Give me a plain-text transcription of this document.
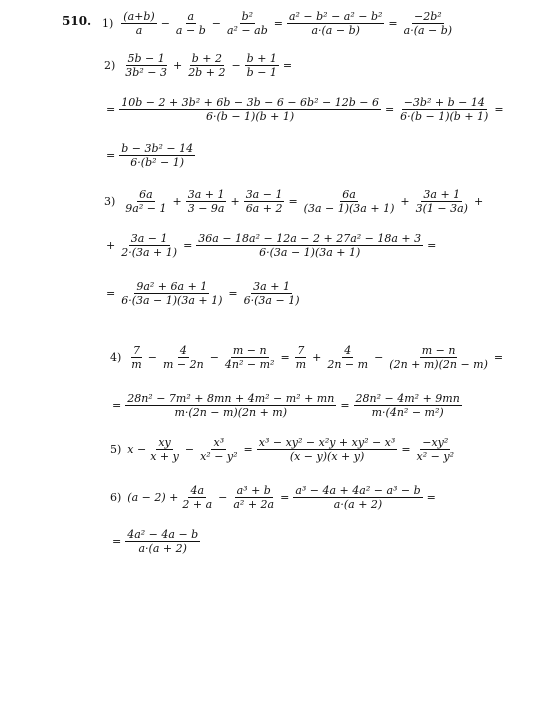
510. $1) \frac{(a+b)}{a} - \frac{a}{a - b} - \frac{\text{b²}}{\text{a² − ab}} = \frac{\text{a² − b² − a² − b²}}{a\cdot(a - b)} = \frac{\text{−2b²}}{a\cdot(a - b)}$
$2) \frac{5b - 1}{\text{3b² − 3}} + \frac{b + 2}{2b + 2} - \frac{b + 1}{b - 1}$ =
= $\frac{\text{10b − 2 + 3b² + 6b − 3b − 6 − 6b² − 12b − 6}}{6\cdot(b - 1)(b + 1)} = \frac{\text{−3b² + b − 14}}{6\cdot(b - 1)(b + 1)}$ =
= $\frac{\text{b − 3b² − 14}}{\text{6·(b² − 1)}}$
$3) \frac{6a}{\text{9a² − 1}} + \frac{3a + 1}{3 - 9a} + \frac{3a - 1}{6a + 2} = \frac{6a}{(3a - 1)(3a + 1)} + \frac{3a + 1}{3(1 - 3a)}$ +
+ $\frac{3a - 1}{2\cdot(3a + 1)} = \frac{\text{36a − 18a² − 12a − 2 + 27a² − 18a + 3}}{6\cdot(3a - 1)(3a + 1)}$ =
= $\frac{\text{9a² + 6a + 1}}{6\cdot(3a - 1)(3a + 1)} = \frac{3a + 1}{6\cdot(3a - 1)}$
$4) \frac{7}{m} - \frac{4}{m - 2n} - \frac{m - n}{\text{4n² − m²}} = \frac{7}{m} + \frac{4}{2n - m} - \frac{m - n}{(2n + m)(2n - m)}$ =
= $\frac{\text{28n² − 7m² + 8mn + 4m² − m² + mn}}{m\cdot(2n - m)(2n + m)} = \frac{\text{28n² − 4m² + 9mn}}{\text{m·(4n² − m²)}}$
5) $x - \frac{xy}{x + y} - \frac{\text{x³}}{\text{x² − y²}} = \frac{\text{x³ − xy² − x²y + xy² − x³}}{(x - y)(x + y)} = \frac{\text{−xy²}}{\text{x² − y²}}$
6) $(a - 2) + \frac{4a}{2 + a} - \frac{\text{a³ + b}}{\text{a² + 2a}} = \frac{\text{a³ − 4a + 4a² − a³ − b}}{a\cdot(a + 2)}$ =
= $\frac{\text{4a² − 4a − b}}{a\cdot(a + 2)}$
